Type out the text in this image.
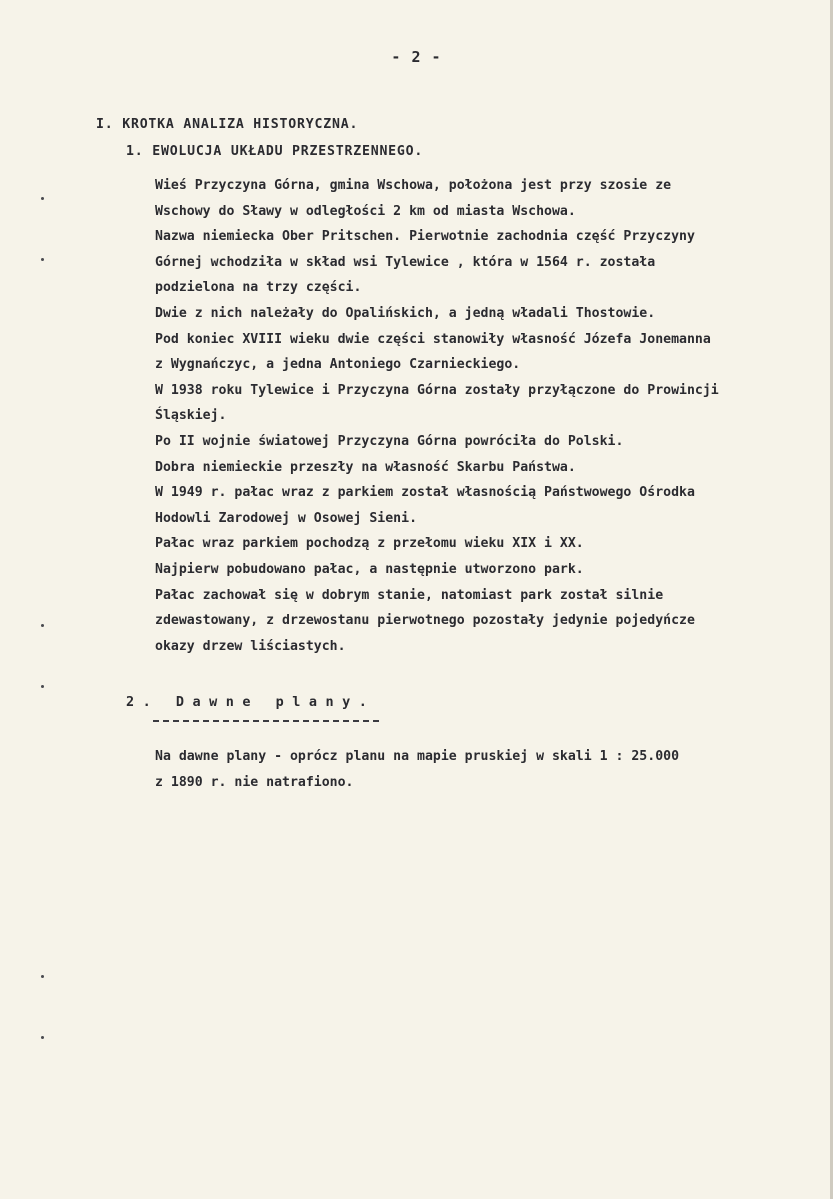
- 2 -
I. KROTKA ANALIZA HISTORYCZNA.
1. EWOLUCJA UKŁADU PRZESTRZENNEGO.
Wieś Przyczyna Górna, gmina Wschowa, położona jest przy szosie ze
Wschowy do Sławy w odległości 2 km od miasta Wschowa.
Nazwa niemiecka Ober Pritschen. Pierwotnie zachodnia część Przyczyny
Górnej wchodziła w skład wsi Tylewice , która w 1564 r. została
podzielona na trzy części.
Dwie z nich należały do Opalińskich, a jedną władali Thostowie.
Pod koniec XVIII wieku dwie części stanowiły własność Józefa Jonemanna
z Wygnańczyc, a jedna Antoniego Czarnieckiego.
W 1938 roku Tylewice i Przyczyna Górna zostały przyłączone do Prowincji
Śląskiej.
Po II wojnie światowej Przyczyna Górna powróciła do Polski.
Dobra niemieckie przeszły na własność Skarbu Państwa.
W 1949 r. pałac wraz z parkiem został własnością Państwowego Ośrodka
Hodowli Zarodowej w Osowej Sieni.
Pałac wraz parkiem pochodzą z przełomu wieku XIX i XX.
Najpierw pobudowano pałac, a następnie utworzono park.
Pałac zachował się w dobrym stanie, natomiast park został silnie
zdewastowany, z drzewostanu pierwotnego pozostały jedynie pojedyńcze
okazy drzew liściastych.
2. Dawne plany.
Na dawne plany - oprócz planu na mapie pruskiej w skali 1 : 25.000
z 1890 r. nie natrafiono.
